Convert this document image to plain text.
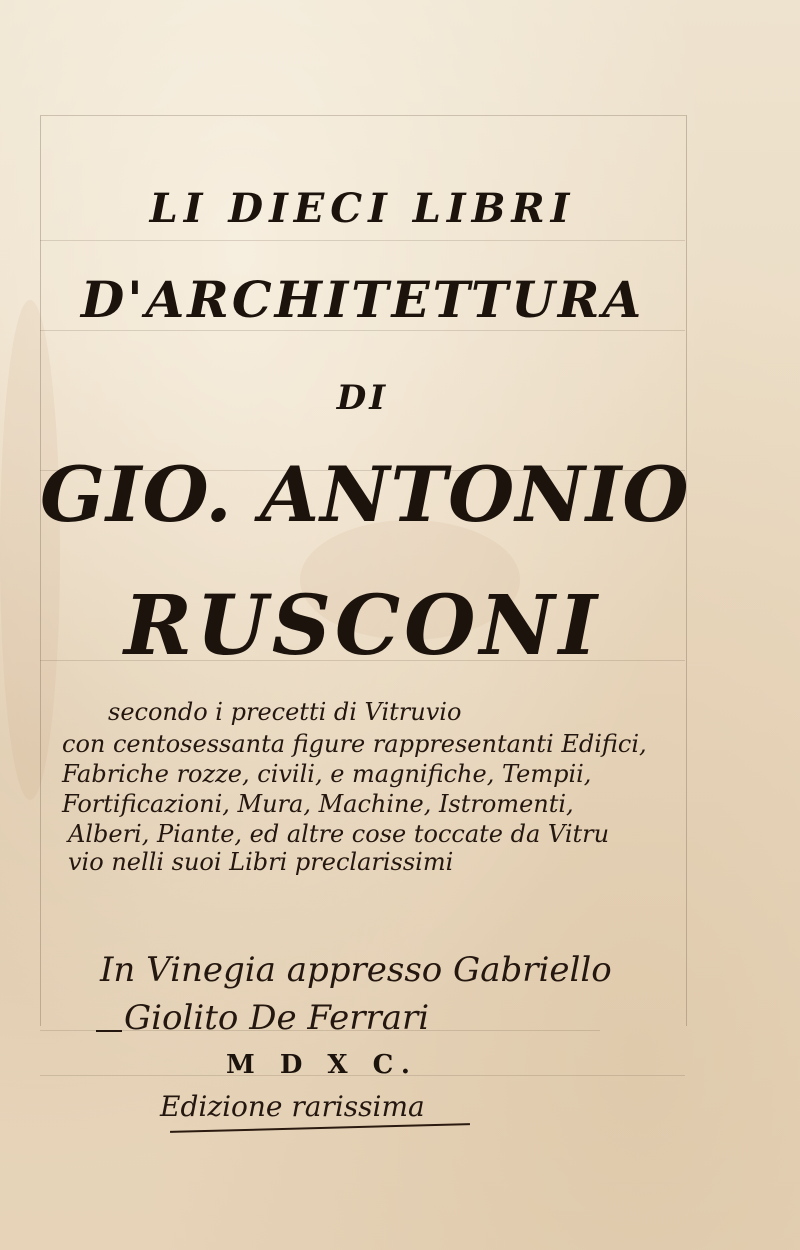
LI DIECI LIBRI
D'ARCHITETTURA
DI
GIO. ANTONIO
RUSCONI
secondo i precetti di Vitruvio
con centosessanta figure rappresentanti Edifici,
Fabriche rozze, civili, e magnifiche, Tempii,
Fortificazioni, Mura, Machine, Istromenti,
Alberi, Piante, ed altre cose toccate da Vitru
vio nelli suoi Libri preclarissimi
In Vinegia appresso Gabriello
Giolito De Ferrari
M D X C.
Edizione rarissima
